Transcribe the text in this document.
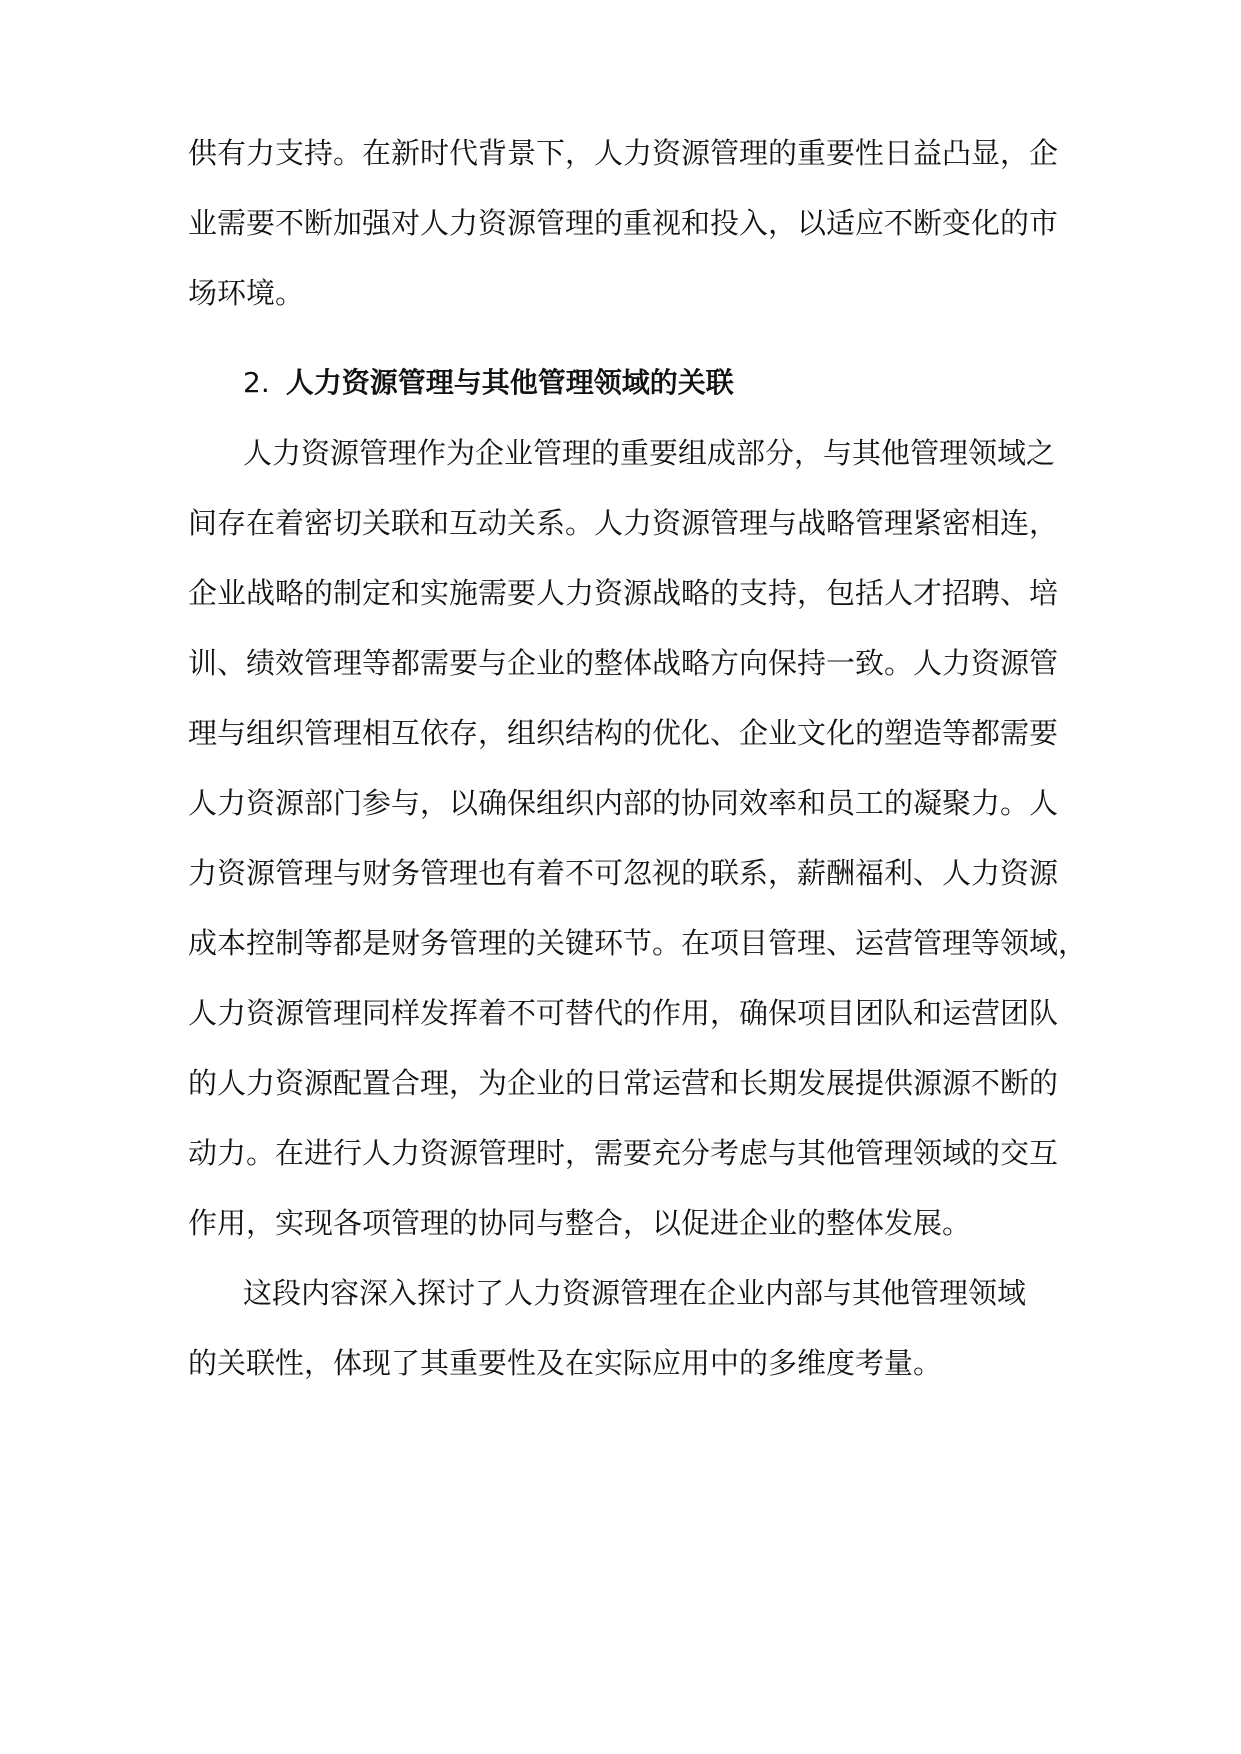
供有力支持。在新时代背景下，人力资源管理的重要性日益凸显，企

业需要不断加强对人力资源管理的重视和投入，以适应不断变化的市

场环境。

2. 人力资源管理与其他管理领域的关联

人力资源管理作为企业管理的重要组成部分，与其他管理领域之

间存在着密切关联和互动关系。人力资源管理与战略管理紧密相连，

企业战略的制定和实施需要人力资源战略的支持，包括人才招聘、培

训、绩效管理等都需要与企业的整体战略方向保持一致。人力资源管

理与组织管理相互依存，组织结构的优化、企业文化的塑造等都需要

人力资源部门参与，以确保组织内部的协同效率和员工的凝聚力。人

力资源管理与财务管理也有着不可忽视的联系，薪酬福利、人力资源

成本控制等都是财务管理的关键环节。在项目管理、运营管理等领域，

人力资源管理同样发挥着不可替代的作用，确保项目团队和运营团队

的人力资源配置合理，为企业的日常运营和长期发展提供源源不断的

动力。在进行人力资源管理时，需要充分考虑与其他管理领域的交互

作用，实现各项管理的协同与整合，以促进企业的整体发展。

这段内容深入探讨了人力资源管理在企业内部与其他管理领域

的关联性，体现了其重要性及在实际应用中的多维度考量。
